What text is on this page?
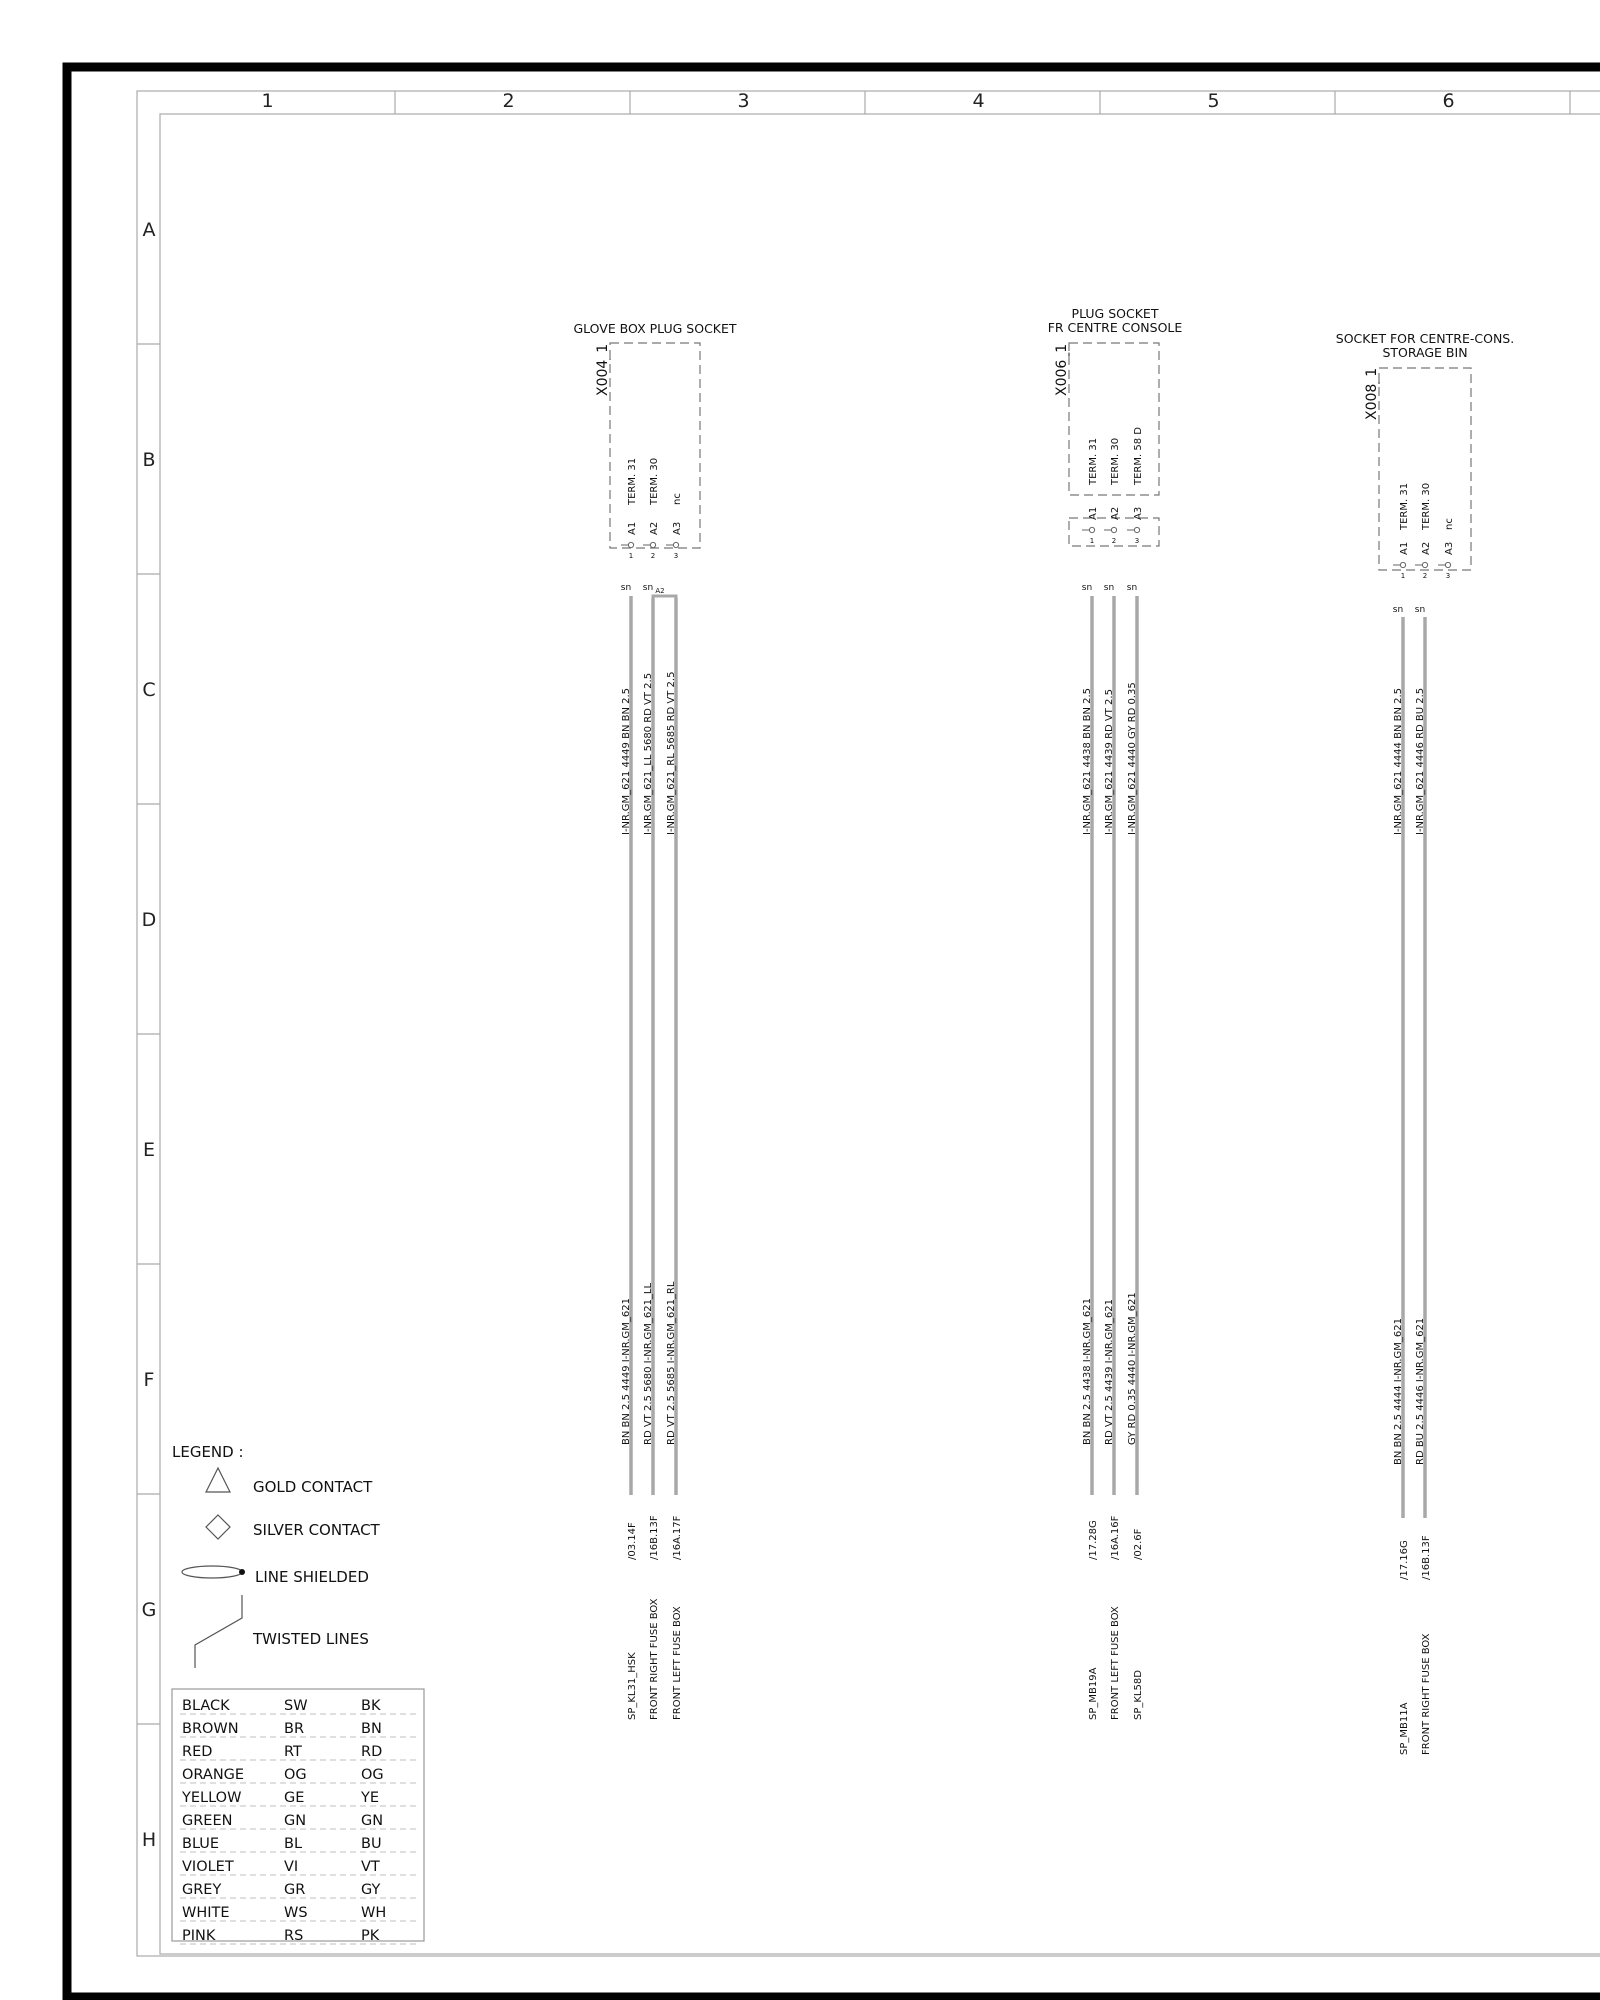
1	2	3	4	5	6
A
B
C
D
E
F
G
H
GLOVE BOX PLUG SOCKET
X004_1
A1
TERM. 31
1
A2
TERM. 30
2
A3
nc
3
sn sn A2
I-NR.GM_621 4449 BN BN 2.5
BN BN 2.5 4449 I-NR.GM_621
/03.14F
SP_KL31_HSK
I-NR.GM_621_LL 5680 RD VT 2.5
RD VT 2.5 5680 I-NR.GM_621_LL
/16B.13F
FRONT RIGHT FUSE BOX
I-NR.GM_621_RL 5685 RD VT 2.5
RD VT 2.5 5685 I-NR.GM_621_RL
/16A.17F
FRONT LEFT FUSE BOX
PLUG SOCKET
FR CENTRE CONSOLE
X006_1
A1
TERM. 31
1
A2
TERM. 30
2
A3
TERM. 58 D
3
sn sn sn
I-NR.GM_621 4438 BN BN 2.5
BN BN 2.5 4438 I-NR.GM_621
/17.28G
SP_MB19A
I-NR.GM_621 4439 RD VT 2.5
RD VT 2.5 4439 I-NR.GM_621
/16A.16F
FRONT LEFT FUSE BOX
I-NR.GM_621 4440 GY RD 0.35
GY RD 0.35 4440 I-NR.GM_621
/02.6F
SP_KL58D
SOCKET FOR CENTRE-CONS.
STORAGE BIN
X008_1
A1
TERM. 31
1
A2
TERM. 30
2
A3
nc
3
sn sn
I-NR.GM_621 4444 BN BN 2.5
BN BN 2.5 4444 I-NR.GM_621
/17.16G
SP_MB11A
I-NR.GM_621 4446 RD BU 2.5
RD BU 2.5 4446 I-NR.GM_621
/16B.13F
FRONT RIGHT FUSE BOX
LEGEND :
GOLD CONTACT
SILVER CONTACT
LINE SHIELDED
TWISTED LINES
BLACK	SW	BK
BROWN	BR	BN
RED	RT	RD
ORANGE	OG	OG
YELLOW	GE	YE
GREEN	GN	GN
BLUE	BL	BU
VIOLET	VI	VT
GREY	GR	GY
WHITE	WS	WH
PINK	RS	PK
